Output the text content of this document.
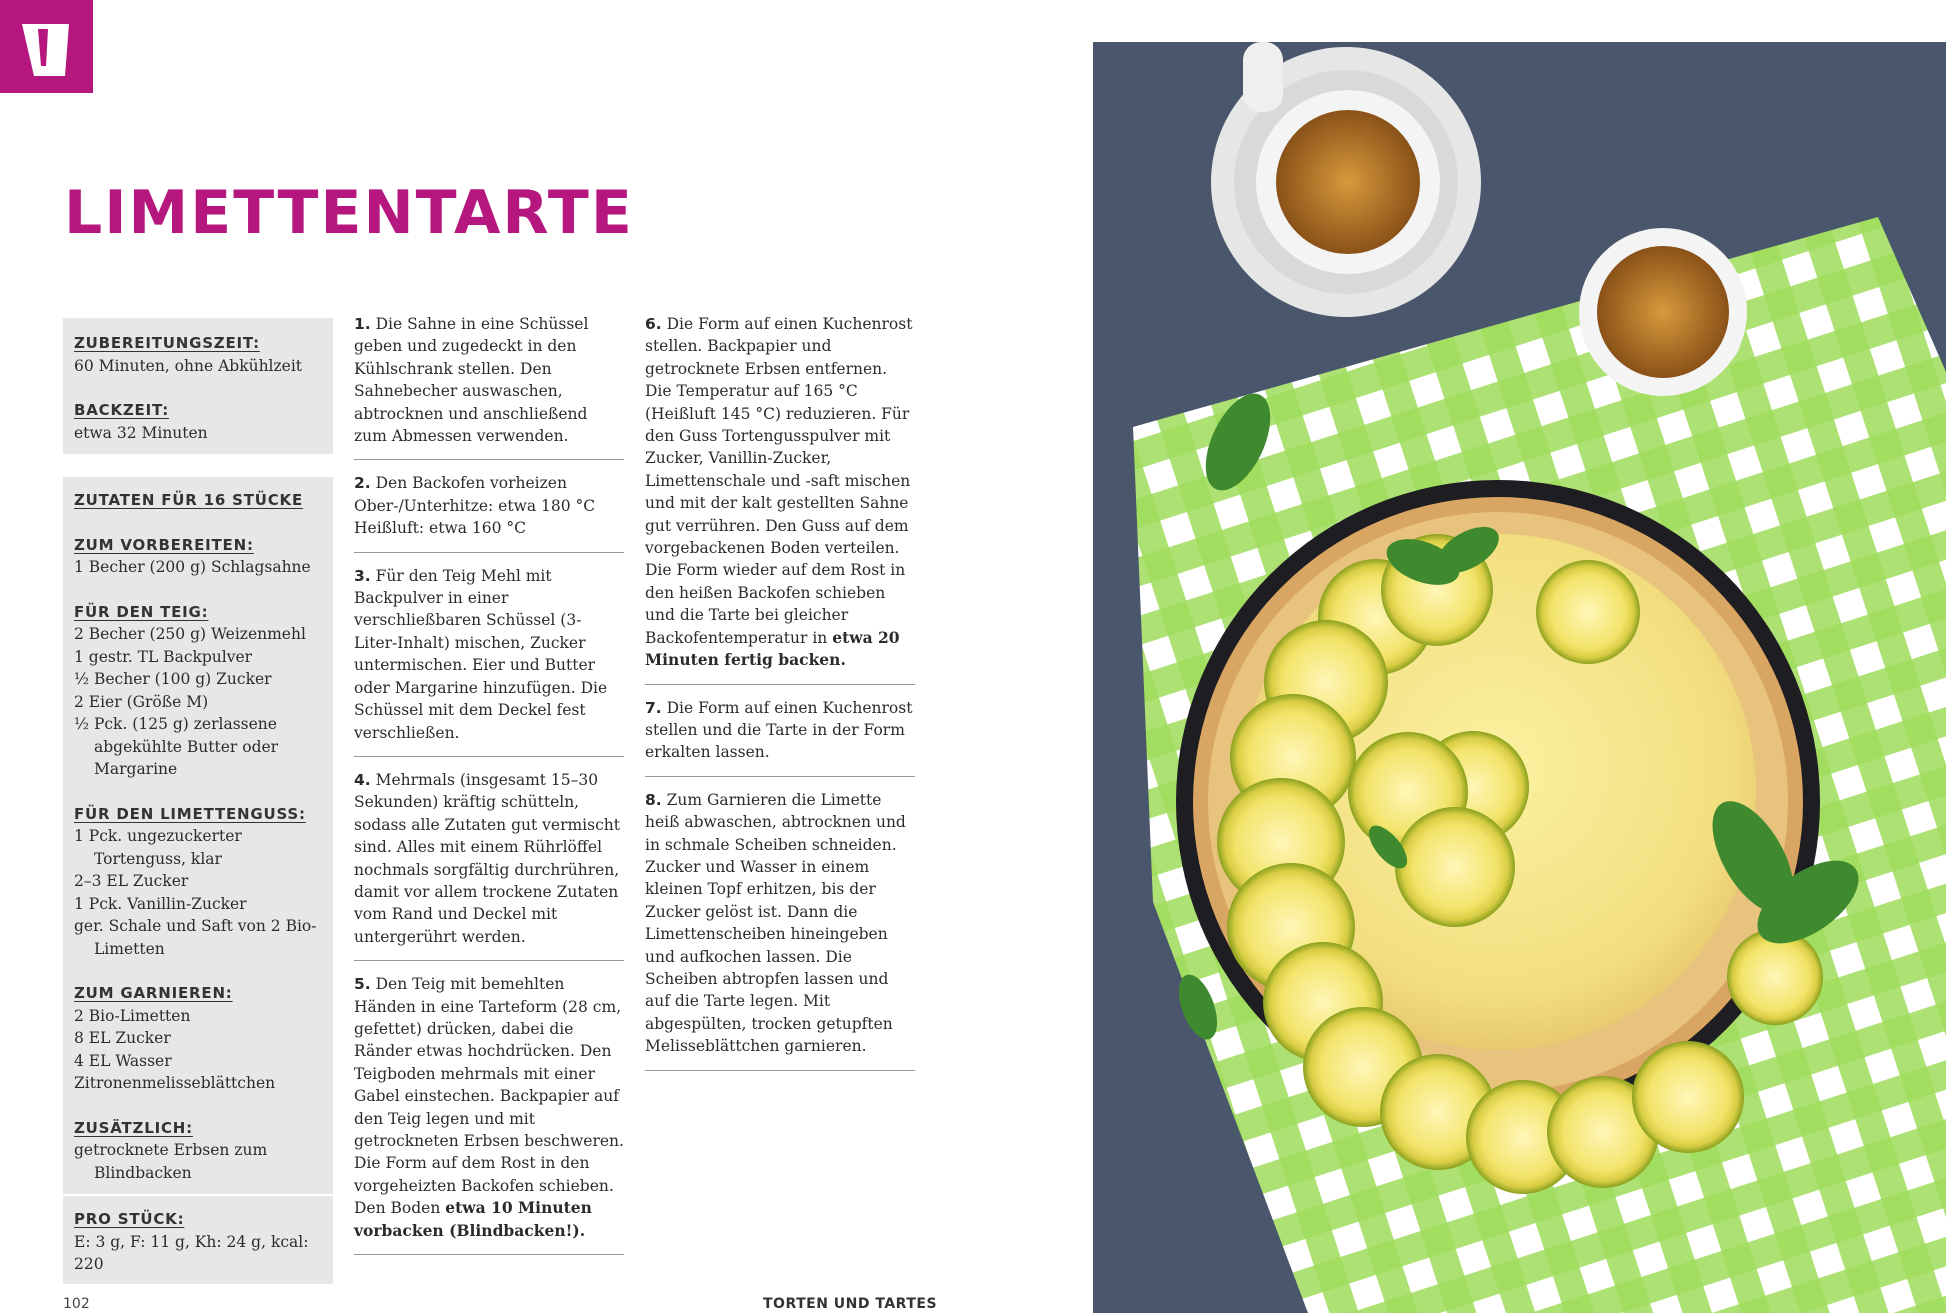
LIMETTENTARTE
ZUBEREITUNGSZEIT:
60 Minuten, ohne Abkühlzeit
BACKZEIT:
etwa 32 Minuten
ZUTATEN FÜR 16 STÜCKE
ZUM VORBEREITEN:
1 Becher (200 g) Schlagsahne
FÜR DEN TEIG:
2 Becher (250 g) Weizenmehl
1 gestr. TL Backpulver
½ Becher (100 g) Zucker
2 Eier (Größe M)
½ Pck. (125 g) zerlassene abgekühlte Butter oder Margarine
FÜR DEN LIMETTENGUSS:
1 Pck. ungezuckerter Tortenguss, klar
2–3 EL Zucker
1 Pck. Vanillin-Zucker
ger. Schale und Saft von 2 Bio-Limetten
ZUM GARNIEREN:
2 Bio-Limetten
8 EL Zucker
4 EL Wasser
Zitronenmelisseblättchen
ZUSÄTZLICH:
getrocknete Erbsen zum Blindbacken
PRO STÜCK:
E: 3 g, F: 11 g, Kh: 24 g, kcal: 220
1. Die Sahne in eine Schüssel geben und zugedeckt in den Kühlschrank stellen. Den Sahnebecher auswaschen, abtrocknen und anschließend zum Abmessen verwenden.
2. Den Backofen vorheizen Ober-/Unterhitze: etwa 180 °C Heißluft: etwa 160 °C
3. Für den Teig Mehl mit Backpulver in einer verschließbaren Schüssel (3-Liter-Inhalt) mischen, Zucker untermischen. Eier und Butter oder Margarine hinzufügen. Die Schüssel mit dem Deckel fest verschließen.
4. Mehrmals (insgesamt 15–30 Sekunden) kräftig schütteln, sodass alle Zutaten gut vermischt sind. Alles mit einem Rührlöffel nochmals sorgfältig durchrühren, damit vor allem trockene Zutaten vom Rand und Deckel mit untergerührt werden.
5. Den Teig mit bemehlten Händen in eine Tarteform (28 cm, gefettet) drücken, dabei die Ränder etwas hochdrücken. Den Teigboden mehrmals mit einer Gabel einstechen. Backpapier auf den Teig legen und mit getrockneten Erbsen beschweren. Die Form auf dem Rost in den vorgeheizten Backofen schieben. Den Boden etwa 10 Minuten vorbacken (Blindbacken!).
6. Die Form auf einen Kuchenrost stellen. Backpapier und getrocknete Erbsen entfernen. Die Temperatur auf 165 °C (Heißluft 145 °C) reduzieren. Für den Guss Tortengusspulver mit Zucker, Vanillin-Zucker, Limettenschale und -saft mischen und mit der kalt gestellten Sahne gut verrühren. Den Guss auf dem vorgebackenen Boden verteilen. Die Form wieder auf dem Rost in den heißen Backofen schieben und die Tarte bei gleicher Backofentemperatur in etwa 20 Minuten fertig backen.
7. Die Form auf einen Kuchenrost stellen und die Tarte in der Form erkalten lassen.
8. Zum Garnieren die Limette heiß abwaschen, abtrocknen und in schmale Scheiben schneiden. Zucker und Wasser in einem kleinen Topf erhitzen, bis der Zucker gelöst ist. Dann die Limettenscheiben hineingeben und aufkochen lassen. Die Scheiben abtropfen lassen und auf die Tarte legen. Mit abgespülten, trocken getupften Melisseblättchen garnieren.
102	TORTEN UND TARTES
